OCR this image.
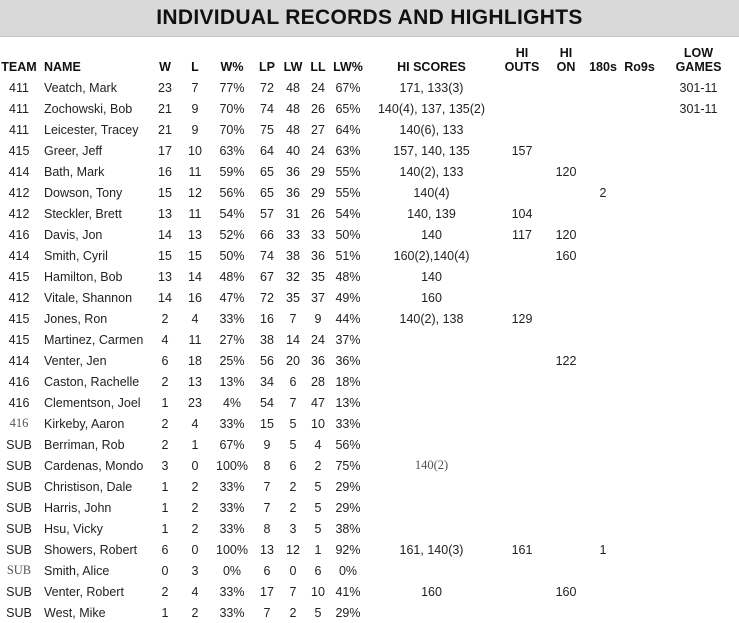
INDIVIDUAL RECORDS AND HIGHLIGHTS
TEAM	NAME	W	L	W%	LP	LW	LL	LW%	HI SCORES	HI
OUTS	HI
ON	180s	Ro9s	LOW
GAMES
411	Veatch, Mark	23	7	77%	72	48	24	67%	171, 133(3)					301-11
411	Zochowski, Bob	21	9	70%	74	48	26	65%	140(4), 137, 135(2)					301-11
411	Leicester, Tracey	21	9	70%	75	48	27	64%	140(6), 133					
415	Greer, Jeff	17	10	63%	64	40	24	63%	157, 140, 135	157				
414	Bath, Mark	16	11	59%	65	36	29	55%	140(2), 133		120			
412	Dowson, Tony	15	12	56%	65	36	29	55%	140(4)			2		
412	Steckler, Brett	13	11	54%	57	31	26	54%	140, 139	104				
416	Davis, Jon	14	13	52%	66	33	33	50%	140	117	120			
414	Smith, Cyril	15	15	50%	74	38	36	51%	160(2),140(4)		160			
415	Hamilton, Bob	13	14	48%	67	32	35	48%	140					
412	Vitale, Shannon	14	16	47%	72	35	37	49%	160					
415	Jones, Ron	2	4	33%	16	7	9	44%	140(2), 138	129				
415	Martinez, Carmen	4	11	27%	38	14	24	37%						
414	Venter, Jen	6	18	25%	56	20	36	36%			122			
416	Caston, Rachelle	2	13	13%	34	6	28	18%						
416	Clementson, Joel	1	23	4%	54	7	47	13%						
416	Kirkeby, Aaron	2	4	33%	15	5	10	33%						
SUB	Berriman, Rob	2	1	67%	9	5	4	56%						
SUB	Cardenas, Mondo	3	0	100%	8	6	2	75%	140(2)					
SUB	Christison, Dale	1	2	33%	7	2	5	29%						
SUB	Harris, John	1	2	33%	7	2	5	29%						
SUB	Hsu, Vicky	1	2	33%	8	3	5	38%						
SUB	Showers, Robert	6	0	100%	13	12	1	92%	161, 140(3)	161		1		
SUB	Smith, Alice	0	3	0%	6	0	6	0%						
SUB	Venter, Robert	2	4	33%	17	7	10	41%	160		160			
SUB	West, Mike	1	2	33%	7	2	5	29%						
